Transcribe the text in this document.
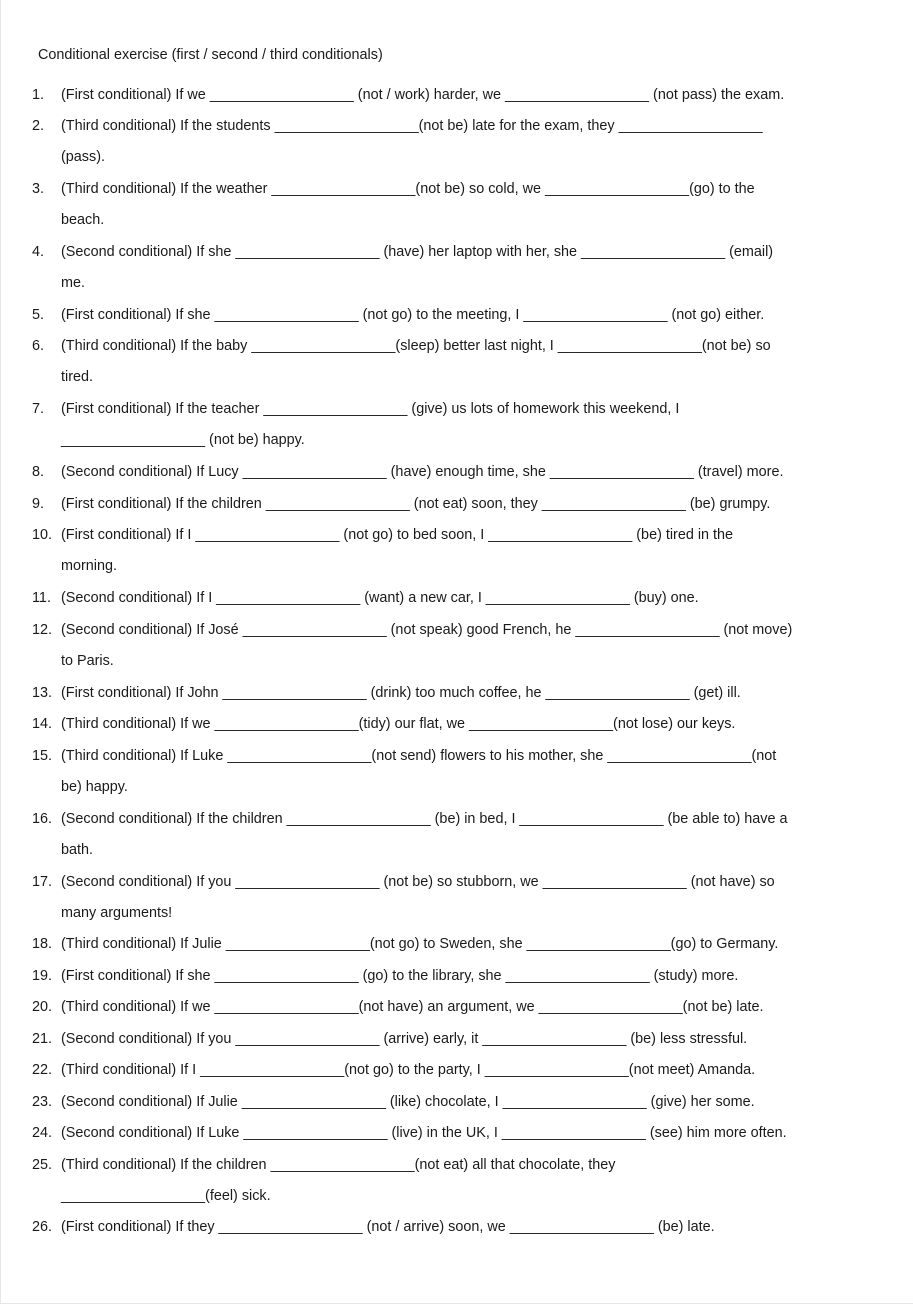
Conditional exercise (first / second / third conditionals)
1. (First conditional) If we __________________ (not / work) harder, we __________________ (not pass) the exam.
2. (Third conditional) If the students __________________(not be) late for the exam, they __________________
(pass).
3. (Third conditional) If the weather __________________(not be) so cold, we __________________(go) to the
beach.
4. (Second conditional) If she __________________ (have) her laptop with her, she __________________ (email)
me.
5. (First conditional) If she __________________ (not go) to the meeting, I __________________ (not go) either.
6. (Third conditional) If the baby __________________(sleep) better last night, I __________________(not be) so
tired.
7. (First conditional) If the teacher __________________ (give) us lots of homework this weekend, I
__________________ (not be) happy.
8. (Second conditional) If Lucy __________________ (have) enough time, she __________________ (travel) more.
9. (First conditional) If the children __________________ (not eat) soon, they __________________ (be) grumpy.
10. (First conditional) If I __________________ (not go) to bed soon, I __________________ (be) tired in the
morning.
11. (Second conditional) If I __________________ (want) a new car, I __________________ (buy) one.
12. (Second conditional) If José __________________ (not speak) good French, he __________________ (not move)
to Paris.
13. (First conditional) If John __________________ (drink) too much coffee, he __________________ (get) ill.
14. (Third conditional) If we __________________(tidy) our flat, we __________________(not lose) our keys.
15. (Third conditional) If Luke __________________(not send) flowers to his mother, she __________________(not
be) happy.
16. (Second conditional) If the children __________________ (be) in bed, I __________________ (be able to) have a
bath.
17. (Second conditional) If you __________________ (not be) so stubborn, we __________________ (not have) so
many arguments!
18. (Third conditional) If Julie __________________(not go) to Sweden, she __________________(go) to Germany.
19. (First conditional) If she __________________ (go) to the library, she __________________ (study) more.
20. (Third conditional) If we __________________(not have) an argument, we __________________(not be) late.
21. (Second conditional) If you __________________ (arrive) early, it __________________ (be) less stressful.
22. (Third conditional) If I __________________(not go) to the party, I __________________(not meet) Amanda.
23. (Second conditional) If Julie __________________ (like) chocolate, I __________________ (give) her some.
24. (Second conditional) If Luke __________________ (live) in the UK, I __________________ (see) him more often.
25. (Third conditional) If the children __________________(not eat) all that chocolate, they
__________________(feel) sick.
26. (First conditional) If they __________________ (not / arrive) soon, we __________________ (be) late.
